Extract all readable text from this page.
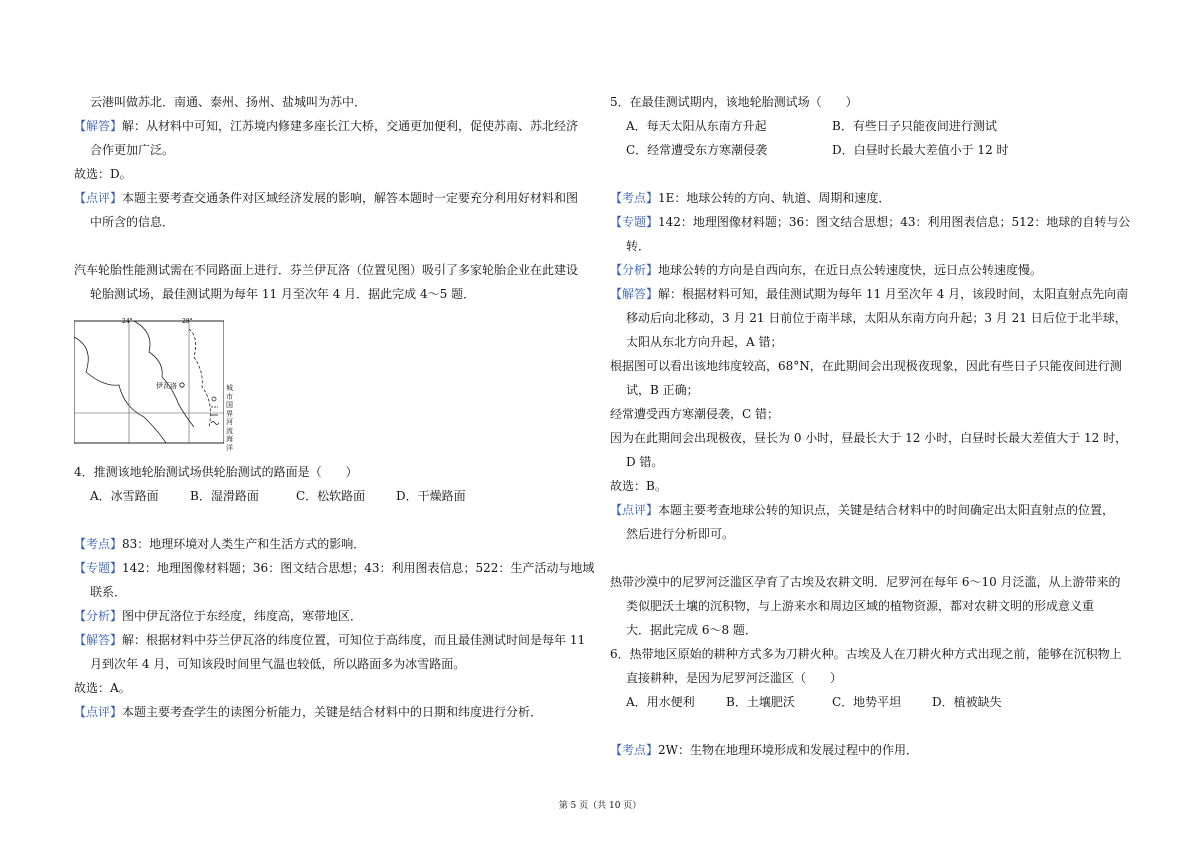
云港叫做苏北．南通、泰州、扬州、盐城叫为苏中．
【解答】解：从材料中可知，江苏境内修建多座长江大桥，交通更加便利，促使苏南、苏北经济
合作更加广泛。
故选：D。
【点评】本题主要考查交通条件对区域经济发展的影响，解答本题时一定要充分利用好材料和图
中所含的信息．
汽车轮胎性能测试需在不同路面上进行．芬兰伊瓦洛（位置见图）吸引了多家轮胎企业在此建设
轮胎测试场，最佳测试期为每年 11 月至次年 4 月．据此完成 4～5 题．
24°	28°
伊瓦洛	城　市
国　界
河　流
海　洋
4．推测该地轮胎测试场供轮胎测试的路面是（　　）
A．冰雪路面	B．湿滑路面	C．松软路面	D．干燥路面
【考点】83：地理环境对人类生产和生活方式的影响．
【专题】142：地理图像材料题；36：图文结合思想；43：利用图表信息；522：生产活动与地域
联系．
【分析】图中伊瓦洛位于东经度，纬度高，寒带地区．
【解答】解：根据材料中芬兰伊瓦洛的纬度位置，可知位于高纬度，而且最佳测试时间是每年 11
月到次年 4 月，可知该段时间里气温也较低，所以路面多为冰雪路面。
故选：A。
【点评】本题主要考查学生的读图分析能力，关键是结合材料中的日期和纬度进行分析．
5．在最佳测试期内，该地轮胎测试场（　　）
A．每天太阳从东南方升起	B．有些日子只能夜间进行测试
C．经常遭受东方寒潮侵袭	D．白昼时长最大差值小于 12 时
【考点】1E：地球公转的方向、轨道、周期和速度．
【专题】142：地理图像材料题；36：图文结合思想；43：利用图表信息；512：地球的自转与公
转．
【分析】地球公转的方向是自西向东，在近日点公转速度快，远日点公转速度慢。
【解答】解：根据材料可知，最佳测试期为每年 11 月至次年 4 月，该段时间，太阳直射点先向南
移动后向北移动，3 月 21 日前位于南半球，太阳从东南方向升起；3 月 21 日后位于北半球，
太阳从东北方向升起，A 错；
根据图可以看出该地纬度较高，68°N，在此期间会出现极夜现象，因此有些日子只能夜间进行测
试，B 正确；
经常遭受西方寒潮侵袭，C 错；
因为在此期间会出现极夜，昼长为 0 小时，昼最长大于 12 小时，白昼时长最大差值大于 12 时，
D 错。
故选：B。
【点评】本题主要考查地球公转的知识点，关键是结合材料中的时间确定出太阳直射点的位置，
然后进行分析即可。
热带沙漠中的尼罗河泛滥区孕育了古埃及农耕文明．尼罗河在每年 6～10 月泛滥，从上游带来的
类似肥沃土壤的沉积物，与上游来水和周边区域的植物资源，都对农耕文明的形成意义重
大．据此完成 6～8 题．
6．热带地区原始的耕种方式多为刀耕火种。古埃及人在刀耕火种方式出现之前，能够在沉积物上
直接耕种，是因为尼罗河泛滥区（　　）
A．用水便利	B．土壤肥沃	C．地势平坦	D．植被缺失
【考点】2W：生物在地理环境形成和发展过程中的作用．
第 5 页（共 10 页）
